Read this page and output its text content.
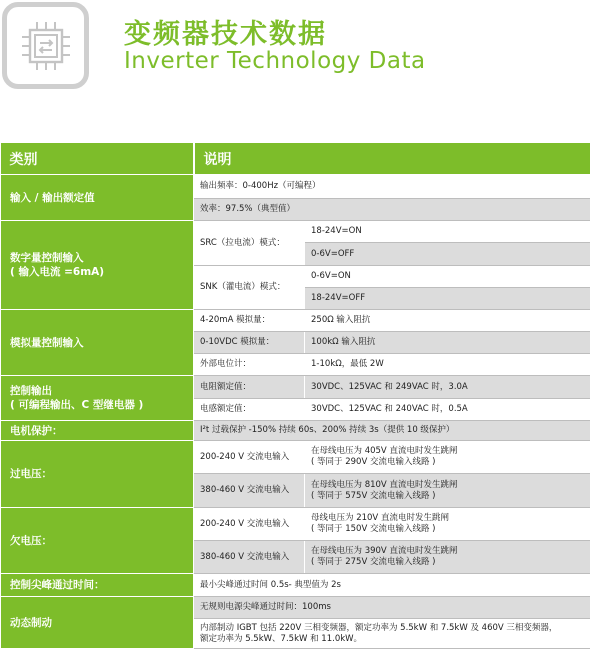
变频器技术数据
Inverter Technology Data
类别	说明	
输入 / 输出额定值	输出频率：0-400Hz（可编程）	
	效率：97.5%（典型值）	

数字量控制输入
( 输入电流 =6mA)	SRC（拉电流）模式：	18-24V=ON
		0-6V=OFF
	SNK（灌电流）模式：	0-6V=ON
		18-24V=OFF
模拟量控制输入	4-20mA 模拟量：	250Ω 输入阻抗
	0-10VDC 模拟量：	100kΩ 输入阻抗
	外部电位计：	1-10kΩ，最低 2W

控制输出
( 可编程输出、C 型继电器 )	电阻额定值：	30VDC、125VAC 和 249VAC 时，3.0A
	电感额定值：	30VDC、125VAC 和 240VAC 时，0.5A
电机保护：	I²t 过载保护 -150% 持续 60s、200% 持续 3s（提供 10 级保护）	
过电压：	200-240 V 交流电输入	在母线电压为 405V 直流电时发生跳闸
( 等同于 290V 交流电输入线路 )

	380-460 V 交流电输入	在母线电压为 810V 直流电时发生跳闸
( 等同于 575V 交流电输入线路 )

欠电压：	200-240 V 交流电输入	母线电压为 210V 直流电时发生跳闸
( 等同于 150V 交流电输入线路 )

	380-460 V 交流电输入	在母线电压为 390V 直流电时发生跳闸
( 等同于 275V 交流电输入线路 )

控制尖峰通过时间：	最小尖峰通过时间 0.5s- 典型值为 2s	
动态制动	无规则电源尖峰通过时间：100ms	

	内部制动 IGBT 包括 220V 三相变频器，额定功率为 5.5kW 和 7.5kW 及 460V 三相变频器，
额定功率为 5.5kW、7.5kW 和 11.0kW。	
